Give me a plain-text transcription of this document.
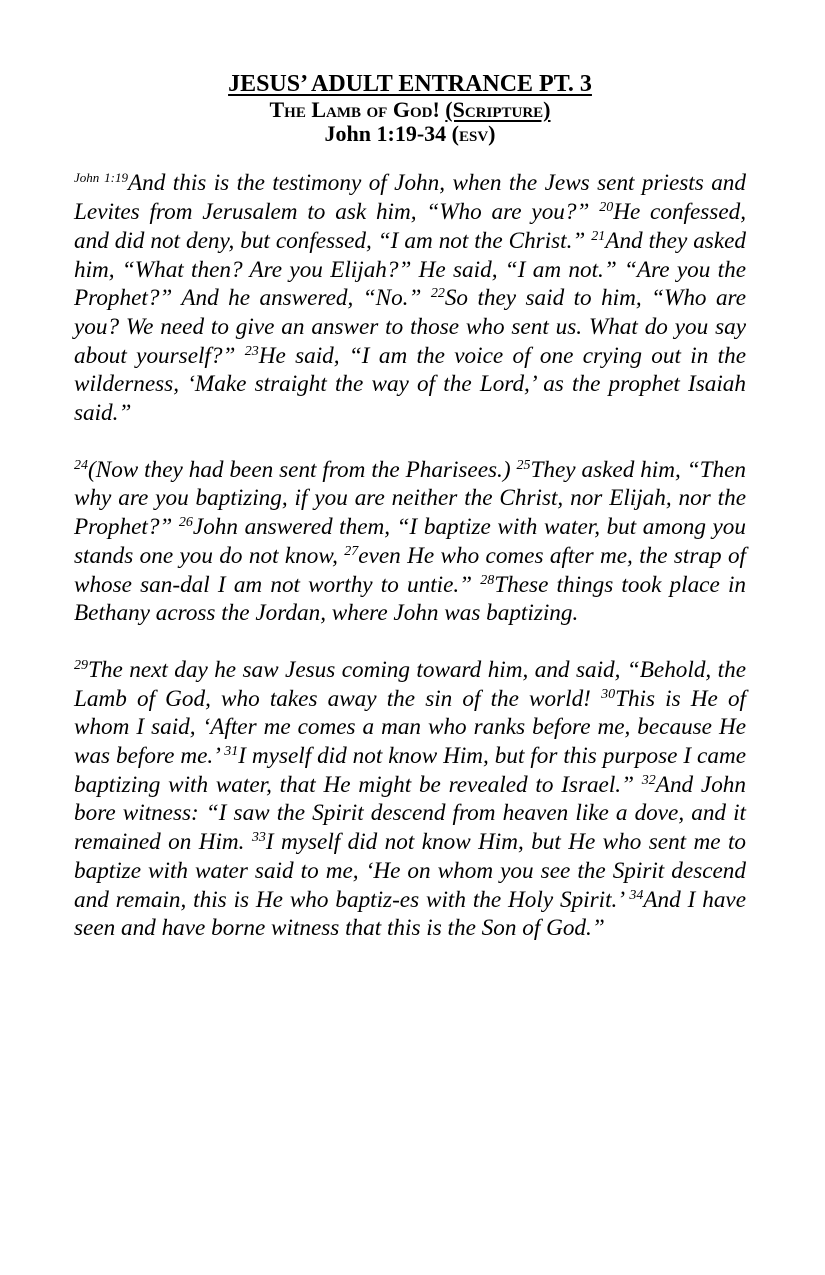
JESUS’ ADULT ENTRANCE PT. 3
The Lamb of God! (Scripture)
John 1:19-34 (esv)

$^{John 1:19}$And this is the testimony of John, when the Jews sent priests and Levites from Jerusalem to ask him, “Who are you?” $^{20}$He confessed, and did not deny, but confessed, “I am not the Christ.” $^{21}$And they asked him, “What then? Are you Elijah?” He said, “I am not.” “Are you the Prophet?” And he answered, “No.” $^{22}$So they said to him, “Who are you? We need to give an answer to those who sent us. What do you say about yourself?” $^{23}$He said, “I am the voice of one crying out in the wilderness, ‘Make straight the way of the Lord,’ as the prophet Isaiah said.”

$^{24}$(Now they had been sent from the Pharisees.) $^{25}$They asked him, “Then why are you baptizing, if you are neither the Christ, nor Elijah, nor the Prophet?” $^{26}$John answered them, “I baptize with water, but among you stands one you do not know, $^{27}$even He who comes after me, the strap of whose san-dal I am not worthy to untie.” $^{28}$These things took place in Bethany across the Jordan, where John was baptizing.

$^{29}$The next day he saw Jesus coming toward him, and said, “Behold, the Lamb of God, who takes away the sin of the world! $^{30}$This is He of whom I said, ‘After me comes a man who ranks before me, because He was before me.’ $^{31}$I myself did not know Him, but for this purpose I came baptizing with water, that He might be revealed to Israel.” $^{32}$And John bore witness: “I saw the Spirit descend from heaven like a dove, and it remained on Him. $^{33}$I myself did not know Him, but He who sent me to baptize with water said to me, ‘He on whom you see the Spirit descend and remain, this is He who baptiz-es with the Holy Spirit.’ $^{34}$And I have seen and have borne witness that this is the Son of God.”
